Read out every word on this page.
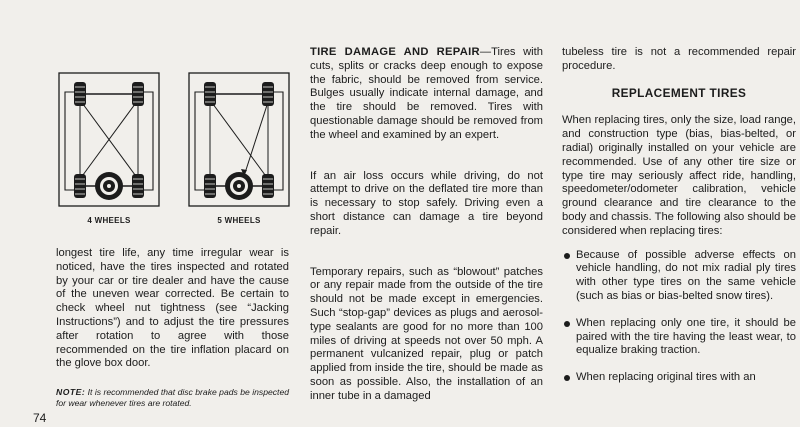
4 WHEELS	5 WHEELS

longest tire life, any time irregular wear is noticed, have the tires inspected and rotated by your car or tire dealer and have the cause of the uneven wear corrected. Be certain to check wheel nut tightness (see “Jacking Instructions”) and to adjust the tire pressures after rotation to agree with those recommended on the tire inflation placard on the glove box door.

NOTE: It is recommended that disc brake pads be inspected for wear whenever tires are rotated.

TIRE DAMAGE AND REPAIR—Tires with cuts, splits or cracks deep enough to expose the fabric, should be removed from service. Bulges usually indicate internal damage, and the tire should be removed. Tires with questionable damage should be removed from the wheel and examined by an expert.

If an air loss occurs while driving, do not attempt to drive on the deflated tire more than is necessary to stop safely. Driving even a short distance can damage a tire beyond repair.

Temporary repairs, such as “blowout” patches or any repair made from the outside of the tire should not be made except in emergencies. Such “stop-gap” devices as plugs and aerosol-type sealants are good for no more than 100 miles of driving at speeds not over 50 mph. A permanent vulcanized repair, plug or patch applied from inside the tire, should be made as soon as possible. Also, the installation of an inner tube in a damaged

tubeless tire is not a recommended repair procedure.

REPLACEMENT TIRES

When replacing tires, only the size, load range, and construction type (bias, bias-belted, or radial) originally installed on your vehicle are recommended. Use of any other tire size or type tire may seriously affect ride, handling, speedometer/odometer calibration, vehicle ground clearance and tire clearance to the body and chassis. The following also should be considered when replacing tires:

Because of possible adverse effects on vehicle handling, do not mix radial ply tires with other type tires on the same vehicle (such as bias or bias-belted snow tires).
When replacing only one tire, it should be paired with the tire having the least wear, to equalize braking traction.
When replacing original tires with an
74
